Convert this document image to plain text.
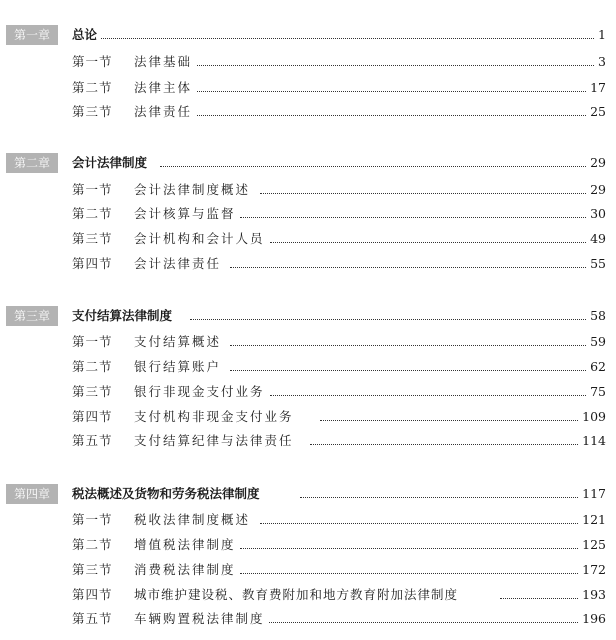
第一章	总论	1
第一节 法律基础	3
第二节 法律主体	17
第三节 法律责任	25
第二章	会计法律制度	29
第一节 会计法律制度概述	29
第二节 会计核算与监督	30
第三节 会计机构和会计人员	49
第四节 会计法律责任	55
第三章	支付结算法律制度	58
第一节 支付结算概述	59
第二节 银行结算账户	62
第三节 银行非现金支付业务	75
第四节 支付机构非现金支付业务	109
第五节 支付结算纪律与法律责任	114
第四章	税法概述及货物和劳务税法律制度	117
第一节 税收法律制度概述	121
第二节 增值税法律制度	125
第三节 消费税法律制度	172
第四节 城市维护建设税、教育费附加和地方教育附加法律制度	193
第五节 车辆购置税法律制度	196
